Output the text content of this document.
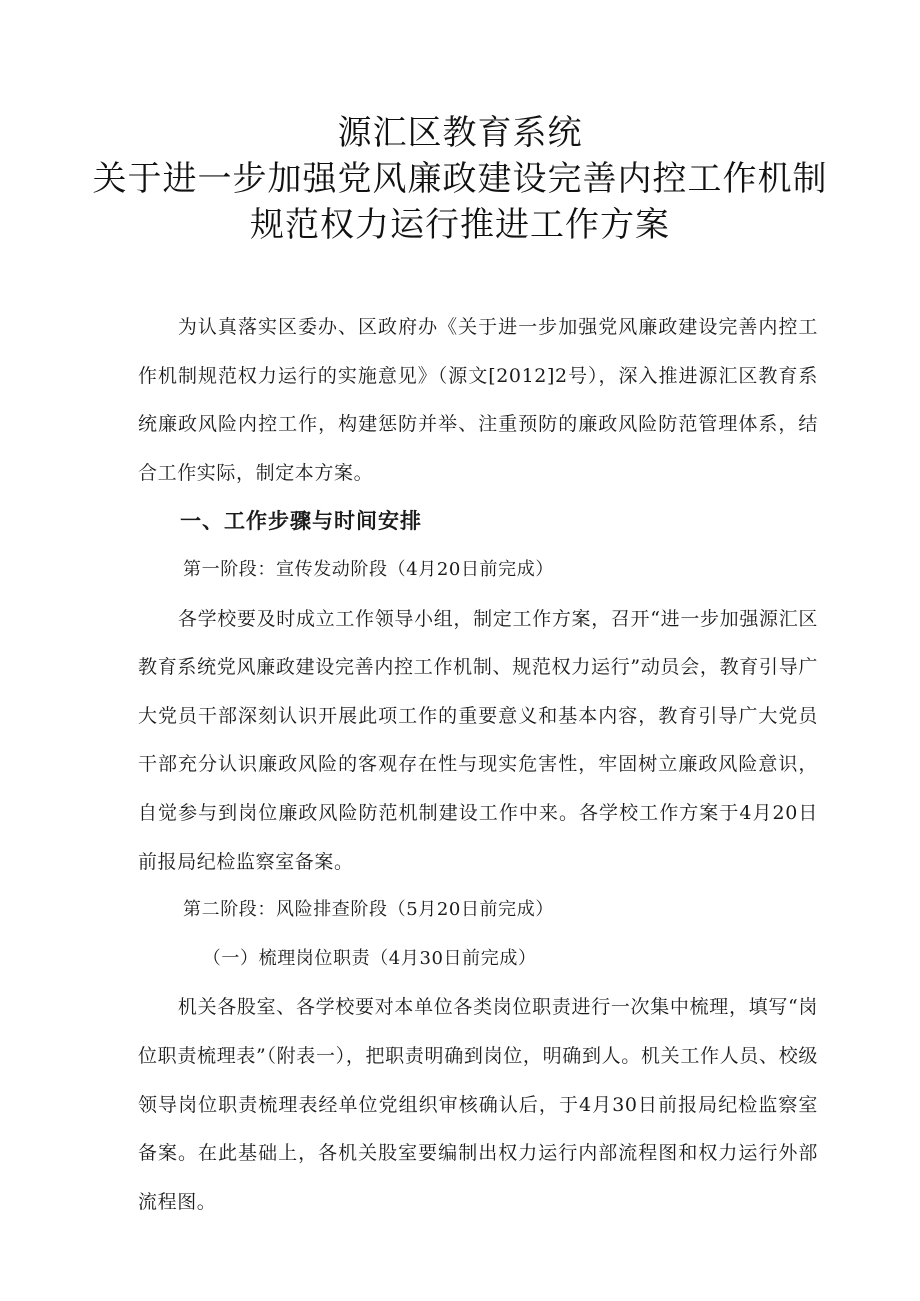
源汇区教育系统
关于进一步加强党风廉政建设完善内控工作机制
规范权力运行推进工作方案

为认真落实区委办、区政府办《关于进一步加强党风廉政建设完善内控工作机制规范权力运行的实施意见》（源文[2012]2号），深入推进源汇区教育系统廉政风险内控工作，构建惩防并举、注重预防的廉政风险防范管理体系，结合工作实际，制定本方案。

一、工作步骤与时间安排

第一阶段：宣传发动阶段（4月20日前完成）

各学校要及时成立工作领导小组，制定工作方案，召开“进一步加强源汇区教育系统党风廉政建设完善内控工作机制、规范权力运行”动员会，教育引导广大党员干部深刻认识开展此项工作的重要意义和基本内容，教育引导广大党员干部充分认识廉政风险的客观存在性与现实危害性，牢固树立廉政风险意识，自觉参与到岗位廉政风险防范机制建设工作中来。各学校工作方案于4月20日前报局纪检监察室备案。

第二阶段：风险排查阶段（5月20日前完成）

（一）梳理岗位职责（4月30日前完成）

机关各股室、各学校要对本单位各类岗位职责进行一次集中梳理，填写“岗位职责梳理表”（附表一），把职责明确到岗位，明确到人。机关工作人员、校级领导岗位职责梳理表经单位党组织审核确认后，于4月30日前报局纪检监察室备案。在此基础上，各机关股室要编制出权力运行内部流程图和权力运行外部流程图。
